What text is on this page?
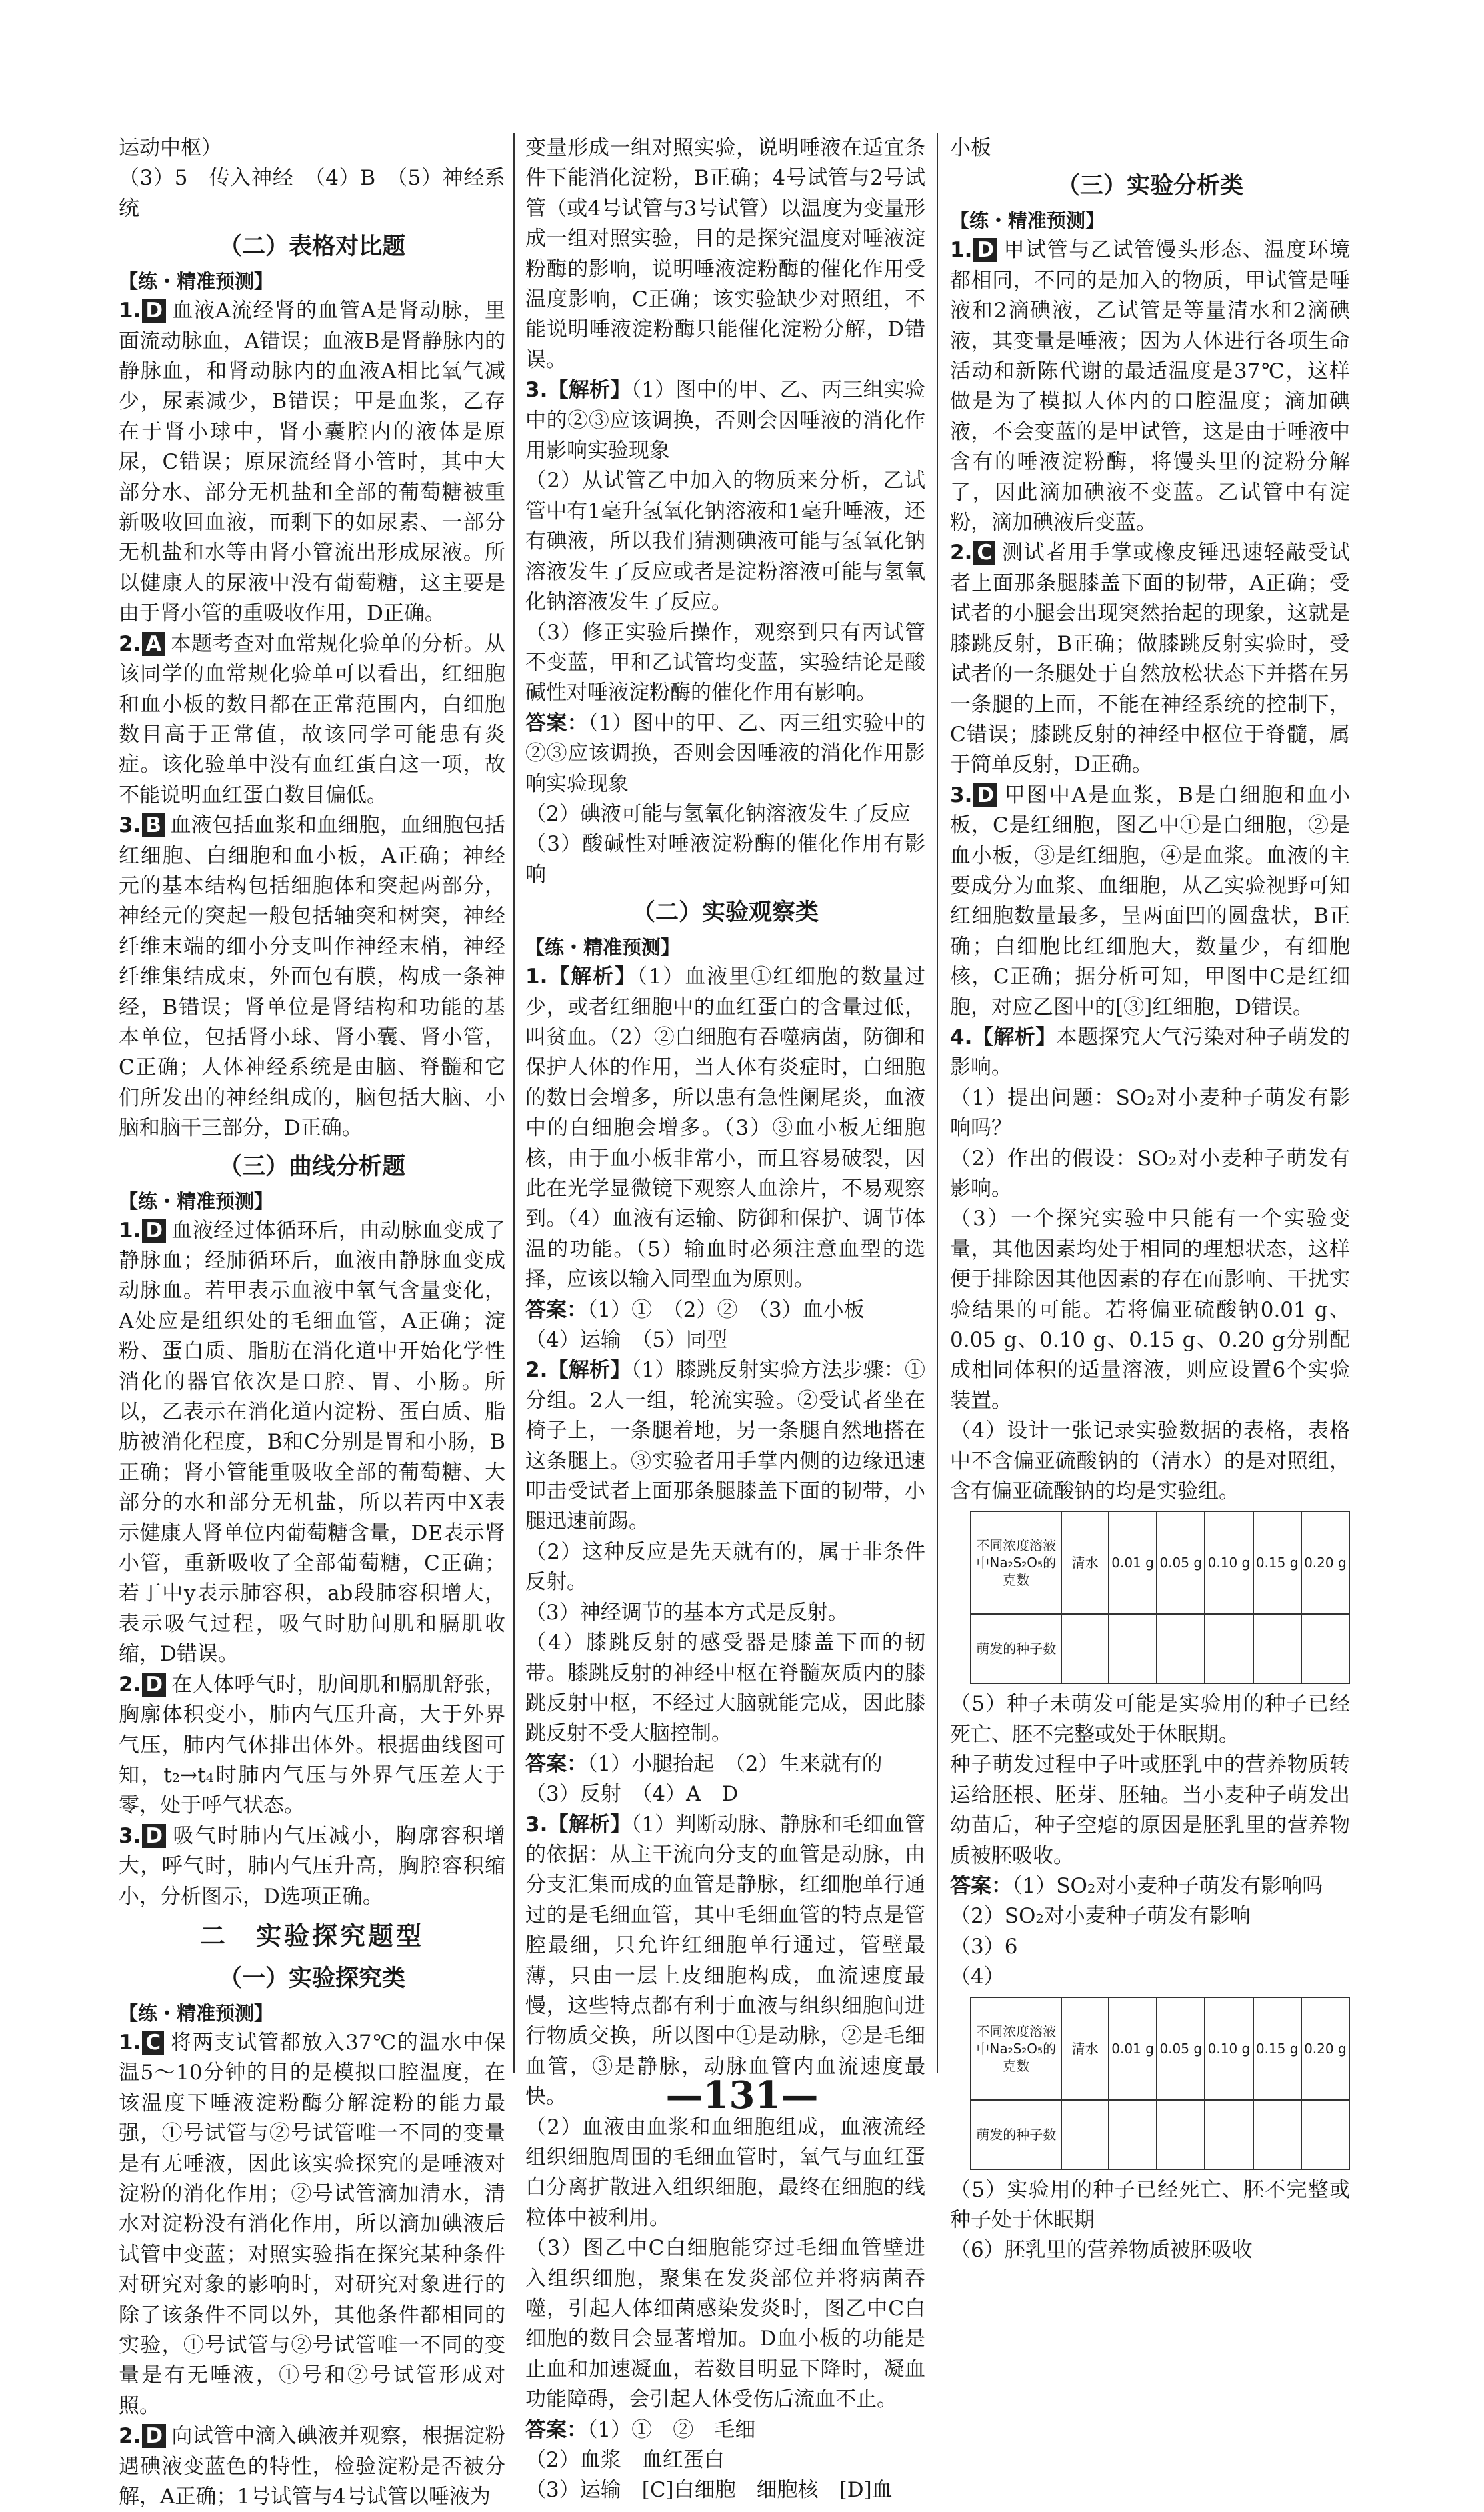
运动中枢）

（3）5　传入神经　（4）B　（5）神经系统

（二）表格对比题
【练・精准预测】

1. D 血液A流经肾的血管A是肾动脉，里面流动脉血，A错误；血液B是肾静脉内的静脉血，和肾动脉内的血液A相比氧气减少，尿素减少，B错误；甲是血浆，乙存在于肾小球中，肾小囊腔内的液体是原尿，C错误；原尿流经肾小管时，其中大部分水、部分无机盐和全部的葡萄糖被重新吸收回血液，而剩下的如尿素、一部分无机盐和水等由肾小管流出形成尿液。所以健康人的尿液中没有葡萄糖，这主要是由于肾小管的重吸收作用，D正确。

2. A 本题考查对血常规化验单的分析。从该同学的血常规化验单可以看出，红细胞和血小板的数目都在正常范围内，白细胞数目高于正常值，故该同学可能患有炎症。该化验单中没有血红蛋白这一项，故不能说明血红蛋白数目偏低。

3. B 血液包括血浆和血细胞，血细胞包括红细胞、白细胞和血小板，A正确；神经元的基本结构包括细胞体和突起两部分，神经元的突起一般包括轴突和树突，神经纤维末端的细小分支叫作神经末梢，神经纤维集结成束，外面包有膜，构成一条神经，B错误；肾单位是肾结构和功能的基本单位，包括肾小球、肾小囊、肾小管，C正确；人体神经系统是由脑、脊髓和它们所发出的神经组成的，脑包括大脑、小脑和脑干三部分，D正确。

（三）曲线分析题
【练・精准预测】

1. D 血液经过体循环后，由动脉血变成了静脉血；经肺循环后，血液由静脉血变成动脉血。若甲表示血液中氧气含量变化，A处应是组织处的毛细血管，A正确；淀粉、蛋白质、脂肪在消化道中开始化学性消化的器官依次是口腔、胃、小肠。所以，乙表示在消化道内淀粉、蛋白质、脂肪被消化程度，B和C分别是胃和小肠，B正确；肾小管能重吸收全部的葡萄糖、大部分的水和部分无机盐，所以若丙中X表示健康人肾单位内葡萄糖含量，DE表示肾小管，重新吸收了全部葡萄糖，C正确；若丁中y表示肺容积，ab段肺容积增大，表示吸气过程，吸气时肋间肌和膈肌收缩，D错误。

2. D 在人体呼气时，肋间肌和膈肌舒张，胸廓体积变小，肺内气压升高，大于外界气压，肺内气体排出体外。根据曲线图可知，t₂→t₄时肺内气压与外界气压差大于零，处于呼气状态。

3. D 吸气时肺内气压减小，胸廓容积增大，呼气时，肺内气压升高，胸腔容积缩小，分析图示，D选项正确。

二　实验探究题型
（一）实验探究类
【练・精准预测】

1. C 将两支试管都放入37℃的温水中保温5～10分钟的目的是模拟口腔温度，在该温度下唾液淀粉酶分解淀粉的能力最强，①号试管与②号试管唯一不同的变量是有无唾液，因此该实验探究的是唾液对淀粉的消化作用；②号试管滴加清水，清水对淀粉没有消化作用，所以滴加碘液后试管中变蓝；对照实验指在探究某种条件对研究对象的影响时，对研究对象进行的除了该条件不同以外，其他条件都相同的实验，①号试管与②号试管唯一不同的变量是有无唾液，①号和②号试管形成对照。

2. D 向试管中滴入碘液并观察，根据淀粉遇碘液变蓝色的特性，检验淀粉是否被分解，A正确；1号试管与4号试管以唾液为

变量形成一组对照实验，说明唾液在适宜条件下能消化淀粉，B正确；4号试管与2号试管（或4号试管与3号试管）以温度为变量形成一组对照实验，目的是探究温度对唾液淀粉酶的影响，说明唾液淀粉酶的催化作用受温度影响，C正确；该实验缺少对照组，不能说明唾液淀粉酶只能催化淀粉分解，D错误。

3.【解析】（1）图中的甲、乙、丙三组实验中的②③应该调换，否则会因唾液的消化作用影响实验现象

（2）从试管乙中加入的物质来分析，乙试管中有1毫升氢氧化钠溶液和1毫升唾液，还有碘液，所以我们猜测碘液可能与氢氧化钠溶液发生了反应或者是淀粉溶液可能与氢氧化钠溶液发生了反应。

（3）修正实验后操作，观察到只有丙试管不变蓝，甲和乙试管均变蓝，实验结论是酸碱性对唾液淀粉酶的催化作用有影响。

答案：（1）图中的甲、乙、丙三组实验中的②③应该调换，否则会因唾液的消化作用影响实验现象

（2）碘液可能与氢氧化钠溶液发生了反应

（3）酸碱性对唾液淀粉酶的催化作用有影响

（二）实验观察类
【练・精准预测】

1.【解析】（1）血液里①红细胞的数量过少，或者红细胞中的血红蛋白的含量过低，叫贫血。（2）②白细胞有吞噬病菌，防御和保护人体的作用，当人体有炎症时，白细胞的数目会增多，所以患有急性阑尾炎，血液中的白细胞会增多。（3）③血小板无细胞核，由于血小板非常小，而且容易破裂，因此在光学显微镜下观察人血涂片，不易观察到。（4）血液有运输、防御和保护、调节体温的功能。（5）输血时必须注意血型的选择，应该以输入同型血为原则。

答案：（1）①　（2）②　（3）血小板

（4）运输　（5）同型

2.【解析】（1）膝跳反射实验方法步骤：①分组。2人一组，轮流实验。②受试者坐在椅子上，一条腿着地，另一条腿自然地搭在这条腿上。③实验者用手掌内侧的边缘迅速叩击受试者上面那条腿膝盖下面的韧带，小腿迅速前踢。

（2）这种反应是先天就有的，属于非条件反射。

（3）神经调节的基本方式是反射。

（4）膝跳反射的感受器是膝盖下面的韧带。膝跳反射的神经中枢在脊髓灰质内的膝跳反射中枢，不经过大脑就能完成，因此膝跳反射不受大脑控制。

答案：（1）小腿抬起　（2）生来就有的

（3）反射　（4）A　D

3.【解析】（1）判断动脉、静脉和毛细血管的依据：从主干流向分支的血管是动脉，由分支汇集而成的血管是静脉，红细胞单行通过的是毛细血管，其中毛细血管的特点是管腔最细，只允许红细胞单行通过，管壁最薄，只由一层上皮细胞构成，血流速度最慢，这些特点都有利于血液与组织细胞间进行物质交换，所以图中①是动脉，②是毛细血管，③是静脉，动脉血管内血流速度最快。

（2）血液由血浆和血细胞组成，血液流经组织细胞周围的毛细血管时，氧气与血红蛋白分离扩散进入组织细胞，最终在细胞的线粒体中被利用。

（3）图乙中C白细胞能穿过毛细血管壁进入组织细胞，聚集在发炎部位并将病菌吞噬，引起人体细菌感染发炎时，图乙中C白细胞的数目会显著增加。D血小板的功能是止血和加速凝血，若数目明显下降时，凝血功能障碍，会引起人体受伤后流血不止。

答案：（1）①　②　毛细

（2）血浆　血红蛋白

（3）运输　[C]白细胞　细胞核　[D]血

小板

（三）实验分析类
【练・精准预测】

1. D 甲试管与乙试管馒头形态、温度环境都相同，不同的是加入的物质，甲试管是唾液和2滴碘液，乙试管是等量清水和2滴碘液，其变量是唾液；因为人体进行各项生命活动和新陈代谢的最适温度是37℃，这样做是为了模拟人体内的口腔温度；滴加碘液，不会变蓝的是甲试管，这是由于唾液中含有的唾液淀粉酶，将馒头里的淀粉分解了，因此滴加碘液不变蓝。乙试管中有淀粉，滴加碘液后变蓝。

2. C 测试者用手掌或橡皮锤迅速轻敲受试者上面那条腿膝盖下面的韧带，A正确；受试者的小腿会出现突然抬起的现象，这就是膝跳反射，B正确；做膝跳反射实验时，受试者的一条腿处于自然放松状态下并搭在另一条腿的上面，不能在神经系统的控制下，C错误；膝跳反射的神经中枢位于脊髓，属于简单反射，D正确。

3. D 甲图中A是血浆，B是白细胞和血小板，C是红细胞，图乙中①是白细胞，②是血小板，③是红细胞，④是血浆。血液的主要成分为血浆、血细胞，从乙实验视野可知红细胞数量最多，呈两面凹的圆盘状，B正确；白细胞比红细胞大，数量少，有细胞核，C正确；据分析可知，甲图中C是红细胞，对应乙图中的[③]红细胞，D错误。

4.【解析】本题探究大气污染对种子萌发的影响。

（1）提出问题：SO₂对小麦种子萌发有影响吗？

（2）作出的假设：SO₂对小麦种子萌发有影响。

（3）一个探究实验中只能有一个实验变量，其他因素均处于相同的理想状态，这样便于排除因其他因素的存在而影响、干扰实验结果的可能。若将偏亚硫酸钠0.01 g、0.05 g、0.10 g、0.15 g、0.20 g分别配成相同体积的适量溶液，则应设置6个实验装置。

（4）设计一张记录实验数据的表格，表格中不含偏亚硫酸钠的（清水）的是对照组，含有偏亚硫酸钠的均是实验组。

不同浓度溶液中Na₂S₂O₅的克数	清水	0.01 g	0.05 g	0.10 g	0.15 g	0.20 g
萌发的种子数						

（5）种子未萌发可能是实验用的种子已经死亡、胚不完整或处于休眠期。

种子萌发过程中子叶或胚乳中的营养物质转运给胚根、胚芽、胚轴。当小麦种子萌发出幼苗后，种子空瘪的原因是胚乳里的营养物质被胚吸收。

答案：（1）SO₂对小麦种子萌发有影响吗

（2）SO₂对小麦种子萌发有影响

（3）6

（4）

不同浓度溶液中Na₂S₂O₅的克数	清水	0.01 g	0.05 g	0.10 g	0.15 g	0.20 g
萌发的种子数						

（5）实验用的种子已经死亡、胚不完整或种子处于休眠期

（6）胚乳里的营养物质被胚吸收

—131—
